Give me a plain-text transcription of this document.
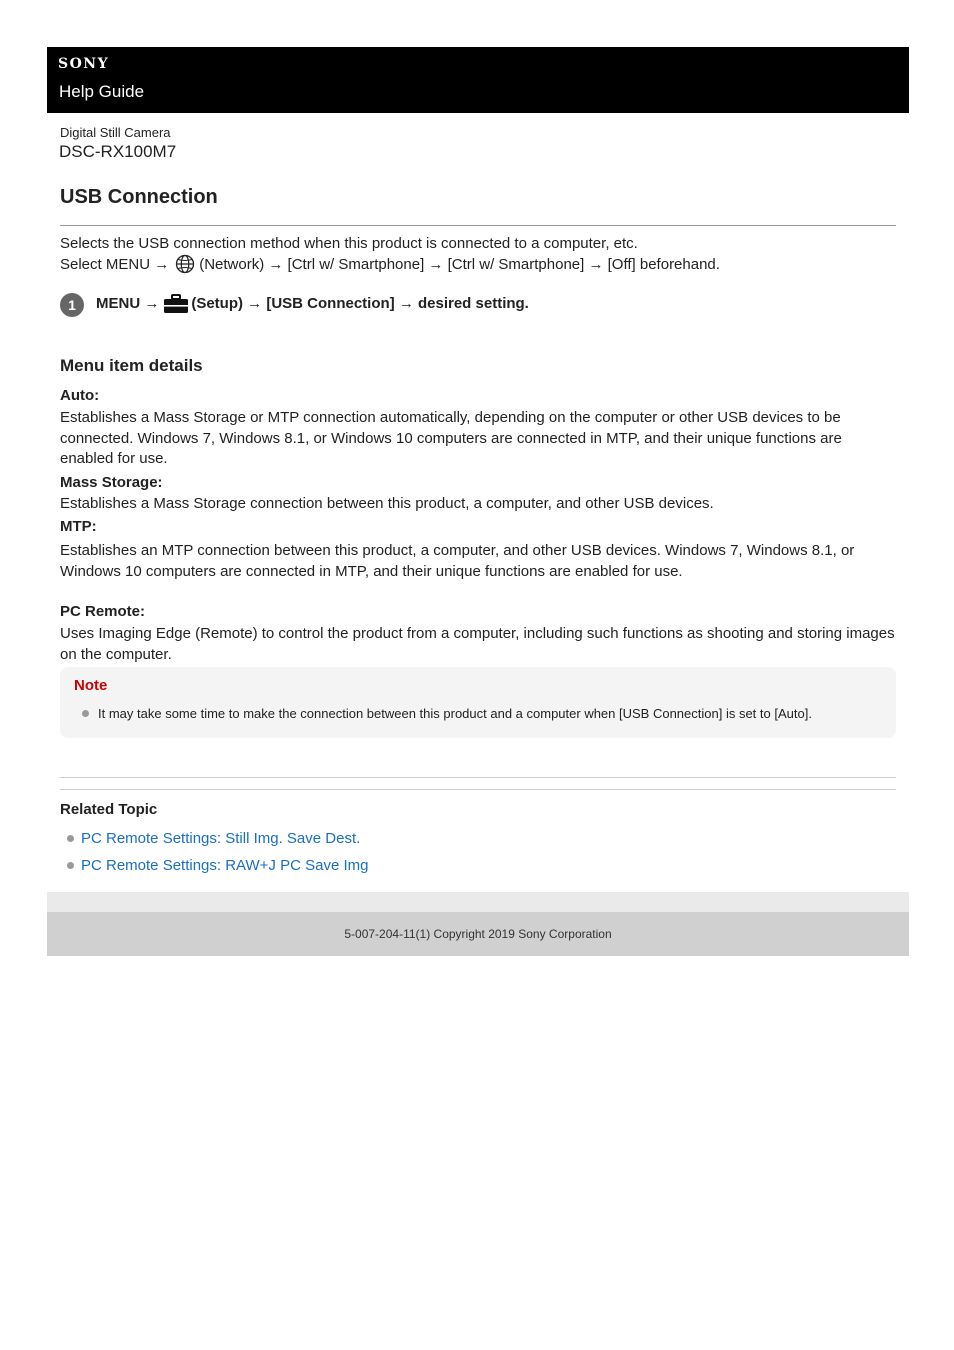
SONY
Help Guide
Digital Still Camera
DSC-RX100M7
USB Connection
Selects the USB connection method when this product is connected to a computer, etc.
Select MENU → (Network) → [Ctrl w/ Smartphone] → [Ctrl w/ Smartphone] → [Off] beforehand.
1	MENU → (Setup) → [USB Connection] → desired setting.
Menu item details
Auto:
Establishes a Mass Storage or MTP connection automatically, depending on the computer or other USB devices to be connected. Windows 7, Windows 8.1, or Windows 10 computers are connected in MTP, and their unique functions are enabled for use.
Mass Storage:
Establishes a Mass Storage connection between this product, a computer, and other USB devices.
MTP:
Establishes an MTP connection between this product, a computer, and other USB devices. Windows 7, Windows 8.1, or Windows 10 computers are connected in MTP, and their unique functions are enabled for use.
PC Remote:
Uses Imaging Edge (Remote) to control the product from a computer, including such functions as shooting and storing images on the computer.
Note
It may take some time to make the connection between this product and a computer when [USB Connection] is set to [Auto].
Related Topic
PC Remote Settings: Still Img. Save Dest.
PC Remote Settings: RAW+J PC Save Img
5-007-204-11(1) Copyright 2019 Sony Corporation
